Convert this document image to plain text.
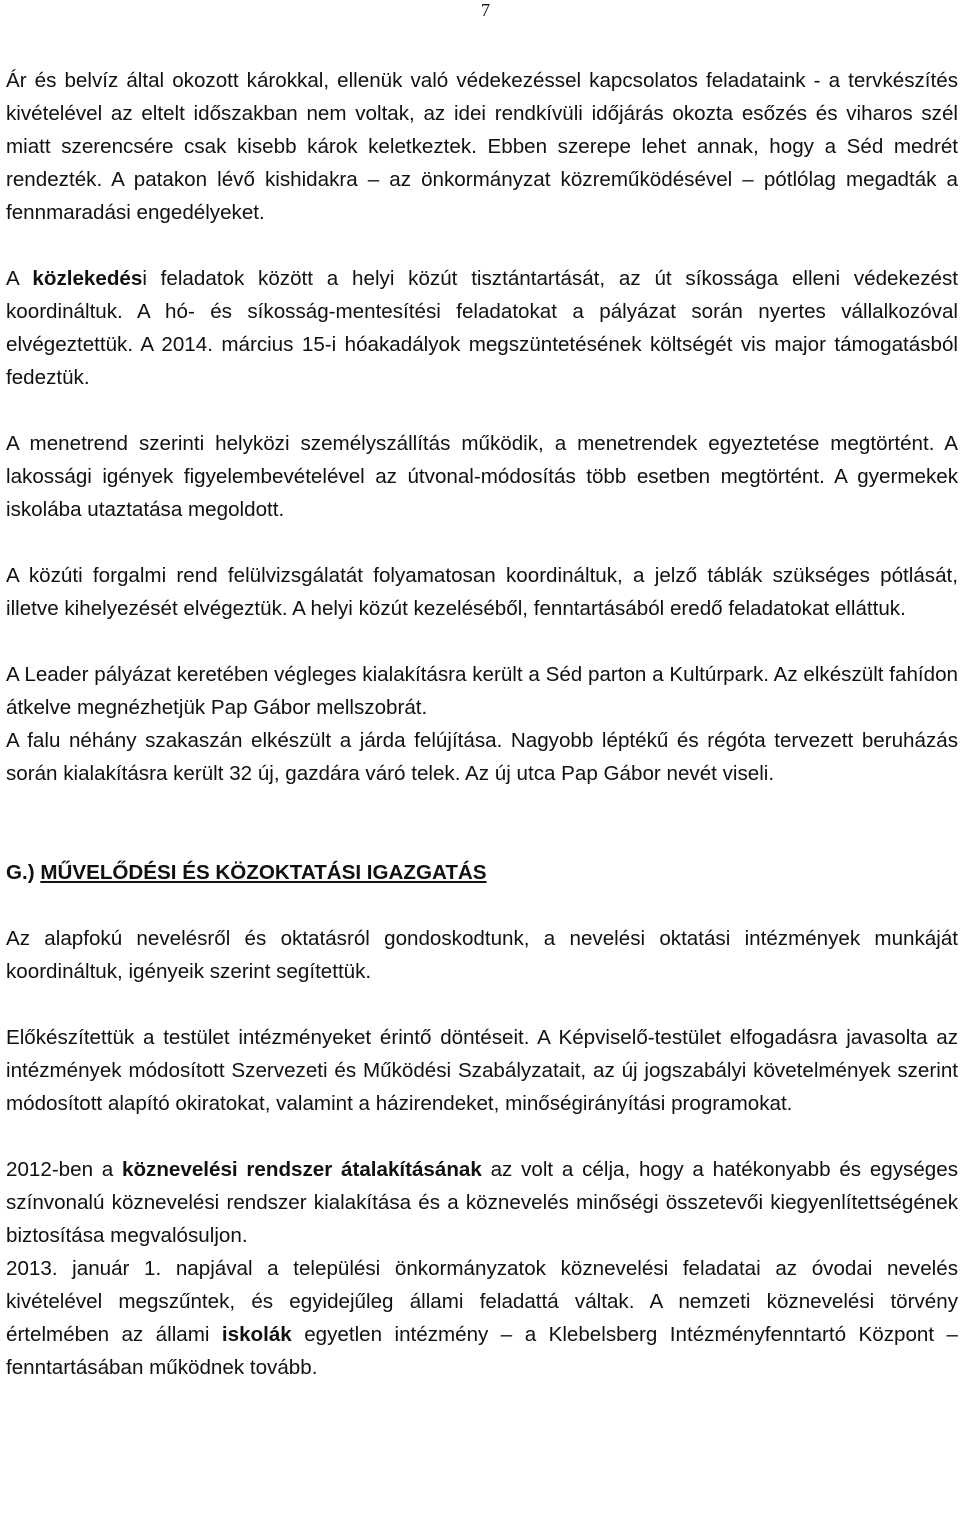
7

Ár és belvíz által okozott károkkal, ellenük való védekezéssel kapcsolatos feladataink - a tervkészítés kivételével az eltelt időszakban nem voltak, az idei rendkívüli időjárás okozta esőzés és viharos szél miatt szerencsére csak kisebb károk keletkeztek. Ebben szerepe lehet annak, hogy a Séd medrét rendezték. A patakon lévő kishidakra – az önkormányzat közreműködésével – pótlólag megadták a fennmaradási engedélyeket.

A közlekedési feladatok között a helyi közút tisztántartását, az út síkossága elleni védekezést koordináltuk. A hó- és síkosság-mentesítési feladatokat a pályázat során nyertes vállalkozóval elvégeztettük. A 2014. március 15-i hóakadályok megszüntetésének költségét vis major támogatásból fedeztük.

A menetrend szerinti helyközi személyszállítás működik, a menetrendek egyeztetése megtörtént. A lakossági igények figyelembevételével az útvonal-módosítás több esetben megtörtént. A gyermekek iskolába utaztatása megoldott.

A közúti forgalmi rend felülvizsgálatát folyamatosan koordináltuk, a jelző táblák szükséges pótlását, illetve kihelyezését elvégeztük. A helyi közút kezeléséből, fenntartásából eredő feladatokat elláttuk.

A Leader pályázat keretében végleges kialakításra került a Séd parton a Kultúrpark. Az elkészült fahídon átkelve megnézhetjük Pap Gábor mellszobrát.

A falu néhány szakaszán elkészült a járda felújítása. Nagyobb léptékű és régóta tervezett beruházás során kialakításra került 32 új, gazdára váró telek. Az új utca Pap Gábor nevét viseli.

G.) MŰVELŐDÉSI ÉS KÖZOKTATÁSI IGAZGATÁS

Az alapfokú nevelésről és oktatásról gondoskodtunk, a nevelési oktatási intézmények munkáját koordináltuk, igényeik szerint segítettük.

Előkészítettük a testület intézményeket érintő döntéseit. A Képviselő-testület elfogadásra javasolta az intézmények módosított Szervezeti és Működési Szabályzatait, az új jogszabályi követelmények szerint módosított alapító okiratokat, valamint a házirendeket, minőségirányítási programokat.

2012-ben a köznevelési rendszer átalakításának az volt a célja, hogy a hatékonyabb és egységes színvonalú köznevelési rendszer kialakítása és a köznevelés minőségi összetevői kiegyenlítettségének biztosítása megvalósuljon.

2013. január 1. napjával a települési önkormányzatok köznevelési feladatai az óvodai nevelés kivételével megszűntek, és egyidejűleg állami feladattá váltak. A nemzeti köznevelési törvény értelmében az állami iskolák egyetlen intézmény – a Klebelsberg Intézményfenntartó Központ – fenntartásában működnek tovább.
